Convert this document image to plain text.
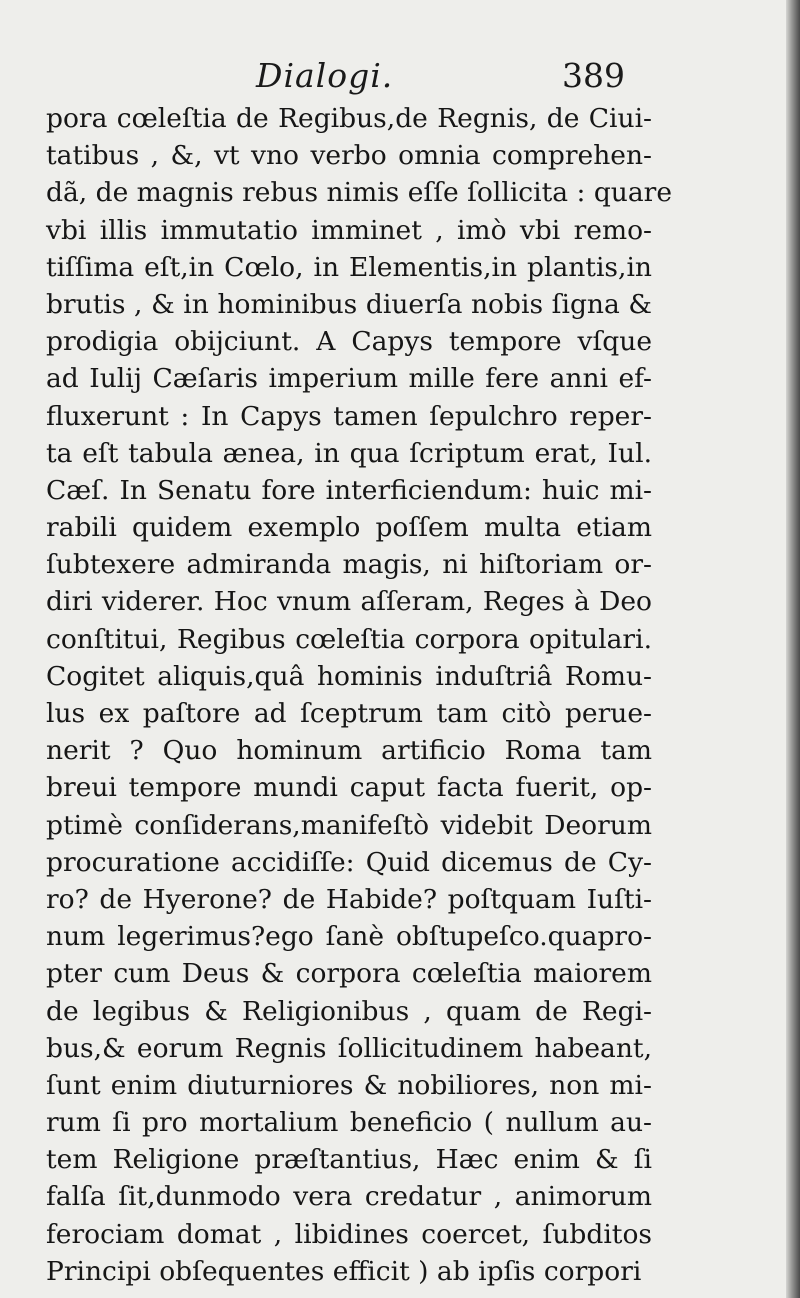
Dialogi.	389
pora cœleſtia de Regibus,de Regnis, de Ciui-
tatibus , &, vt vno verbo omnia comprehen-
dã, de magnis rebus nimis eſſe ſollicita : quare
vbi illis immutatio imminet , imò vbi remo-
tiſſima eſt,in Cœlo, in Elementis,in plantis,in
brutis , & in hominibus diuerſa nobis ſigna &
prodigia obijciunt. A Capys tempore vſque
ad Iulij Cæſaris imperium mille fere anni ef-
fluxerunt : In Capys tamen ſepulchro reper-
ta eſt tabula ænea, in qua ſcriptum erat, Iul.
Cæſ. In Senatu fore interficiendum: huic mi-
rabili quidem exemplo poſſem multa etiam
ſubtexere admiranda magis, ni hiſtoriam or-
diri viderer. Hoc vnum aſſeram, Reges à Deo
conſtitui, Regibus cœleſtia corpora opitulari.
Cogitet aliquis,quâ hominis induſtriâ Romu-
lus ex paſtore ad ſceptrum tam citò perue-
nerit ? Quo hominum artificio Roma tam
breui tempore mundi caput facta fuerit, op-
ptimè conſiderans,manifeſtò videbit Deorum
procuratione accidiſſe: Quid dicemus de Cy-
ro? de Hyerone? de Habide? poſtquam Iuſti-
num legerimus?ego ſanè obſtupeſco.quapro-
pter cum Deus & corpora cœleſtia maiorem
de legibus & Religionibus , quam de Regi-
bus,& eorum Regnis ſollicitudinem habeant,
ſunt enim diuturniores & nobiliores, non mi-
rum ſi pro mortalium beneficio ( nullum au-
tem Religione præſtantius, Hæc enim & ſi
falſa ſit,dunmodo vera credatur , animorum
ferociam domat , libidines coercet, ſubditos
Principi obſequentes efficit ) ab ipſis corpori
